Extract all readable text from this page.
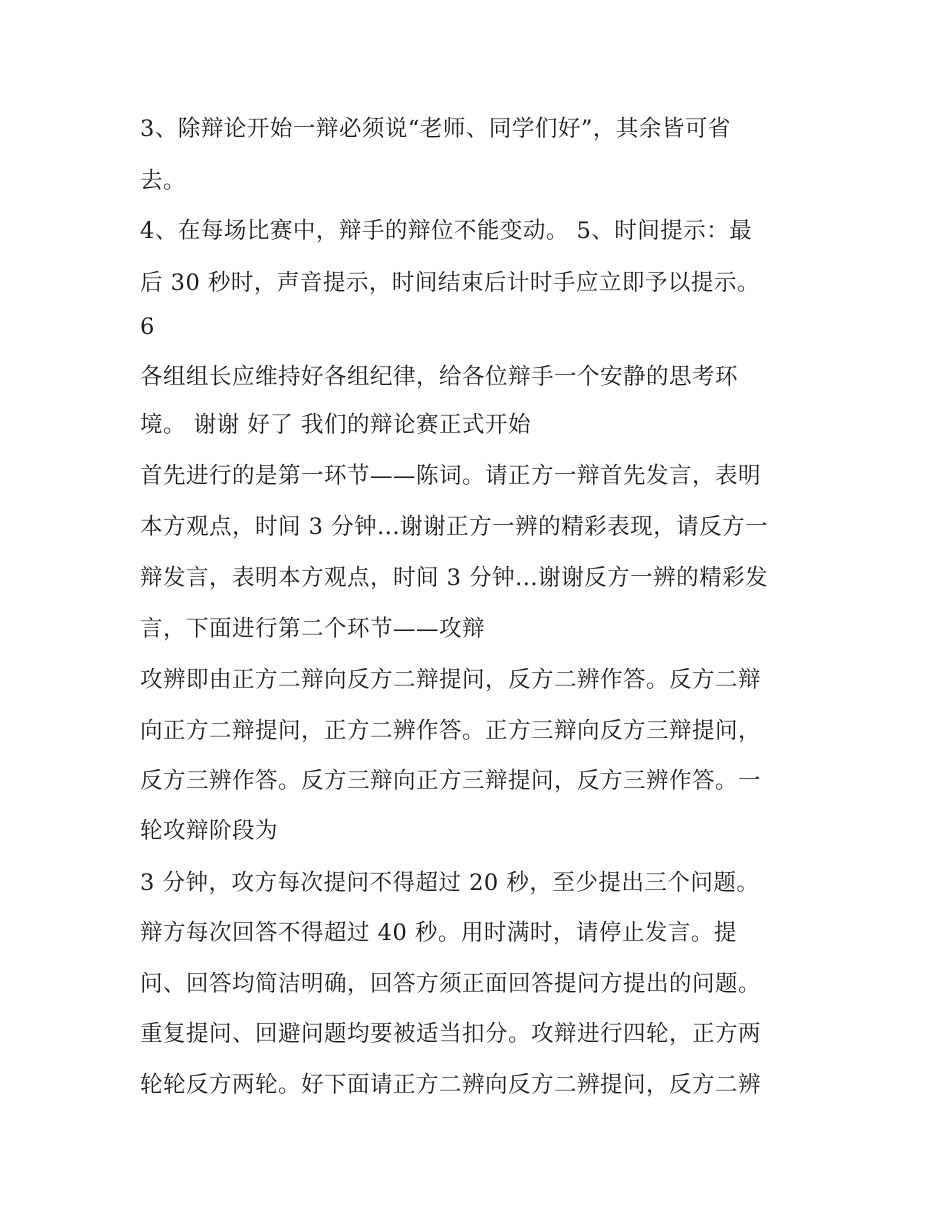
3、除辩论开始一辩必须说“老师、同学们好”，其余皆可省

去。

4、在每场比赛中，辩手的辩位不能变动。 5、时间提示：最

后 30 秒时，声音提示，时间结束后计时手应立即予以提示。

6

各组组长应维持好各组纪律，给各位辩手一个安静的思考环

境。 谢谢 好了 我们的辩论赛正式开始

首先进行的是第一环节——陈词。请正方一辩首先发言，表明

本方观点，时间 3 分钟...谢谢正方一辨的精彩表现，请反方一

辩发言，表明本方观点，时间 3 分钟...谢谢反方一辨的精彩发

言，下面进行第二个环节——攻辩

攻辨即由正方二辩向反方二辩提问，反方二辨作答。反方二辩

向正方二辩提问，正方二辨作答。正方三辩向反方三辩提问，

反方三辨作答。反方三辩向正方三辩提问，反方三辨作答。一

轮攻辩阶段为

3 分钟，攻方每次提问不得超过 20 秒，至少提出三个问题。

辩方每次回答不得超过 40 秒。用时满时，请停止发言。提

问、回答均简洁明确，回答方须正面回答提问方提出的问题。

重复提问、回避问题均要被适当扣分。攻辩进行四轮，正方两

轮轮反方两轮。好下面请正方二辨向反方二辨提问，反方二辨
